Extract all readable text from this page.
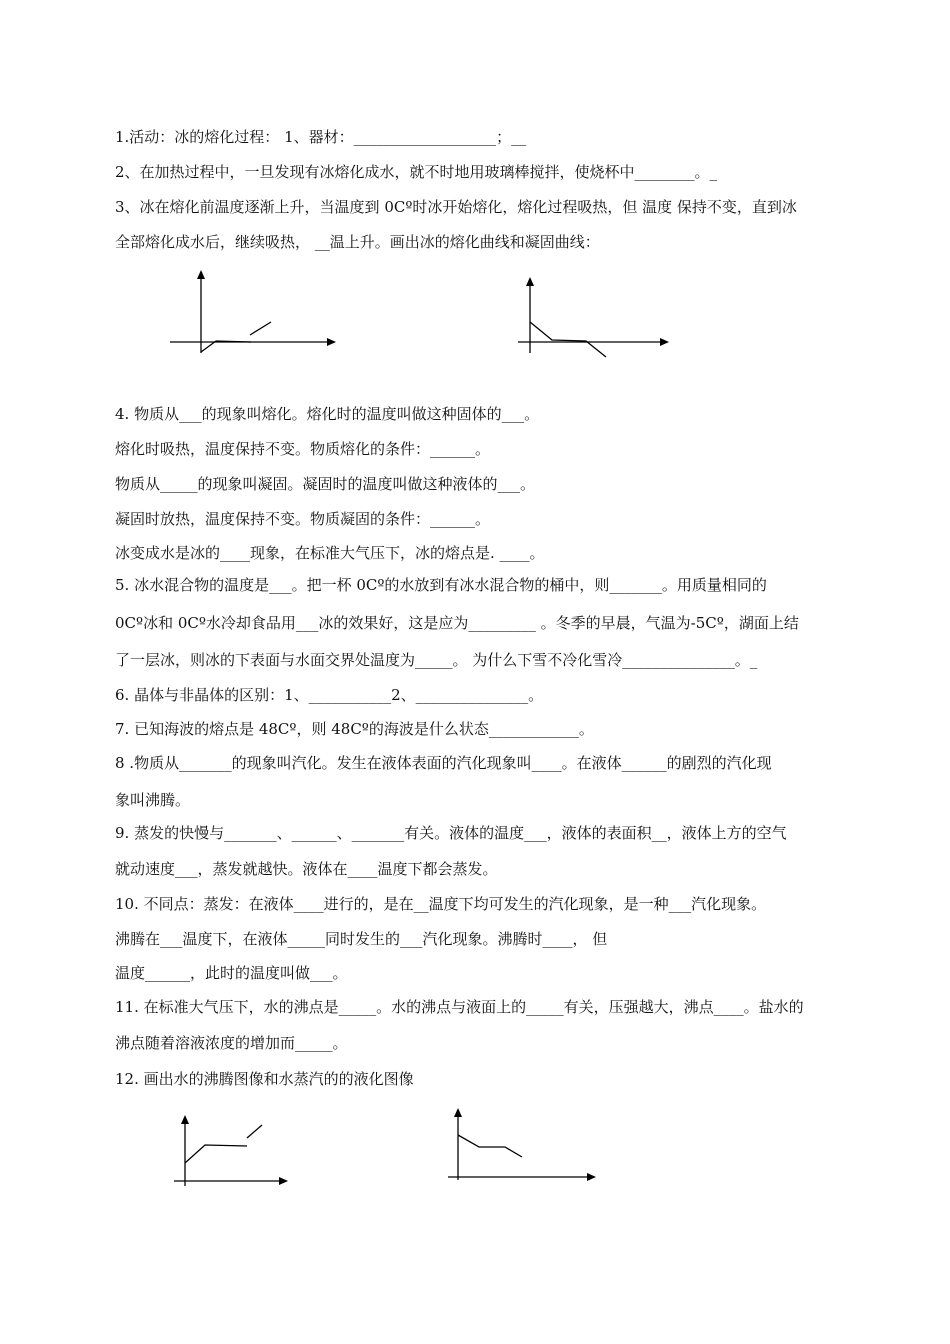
1.活动：冰的熔化过程： 1、器材：___________________；__
2、在加热过程中，一旦发现有冰熔化成水，就不时地用玻璃棒搅拌，使烧杯中________。_
3、冰在熔化前温度逐渐上升，当温度到 0Cº时冰开始熔化，熔化过程吸热，但 温度 保持不变，直到冰
全部熔化成水后，继续吸热， __温上升。画出冰的熔化曲线和凝固曲线：
4. 物质从___的现象叫熔化。熔化时的温度叫做这种固体的___。
熔化时吸热，温度保持不变。物质熔化的条件：______。
物质从_____的现象叫凝固。凝固时的温度叫做这种液体的___。
凝固时放热，温度保持不变。物质凝固的条件：______。
冰变成水是冰的____现象，在标准大气压下，冰的熔点是. ____。
5. 冰水混合物的温度是___。把一杯 0Cº的水放到有冰水混合物的桶中，则_______。用质量相同的
0Cº冰和 0Cº水冷却食品用___冰的效果好，这是应为_________ 。冬季的早晨，气温为-5Cº，湖面上结
了一层冰，则冰的下表面与水面交界处温度为_____。 为什么下雪不冷化雪冷_______________。_
6. 晶体与非晶体的区别：1、___________2、_______________。
7. 已知海波的熔点是 48Cº，则 48Cº的海波是什么状态____________。
8 .物质从_______的现象叫汽化。发生在液体表面的汽化现象叫____。在液体______的剧烈的汽化现
象叫沸腾。
9. 蒸发的快慢与_______、______、_______有关。液体的温度___，液体的表面积__，液体上方的空气
就动速度___，蒸发就越快。液体在____温度下都会蒸发。
10. 不同点：蒸发：在液体____进行的，是在__温度下均可发生的汽化现象，是一种___汽化现象。
沸腾在___温度下，在液体_____同时发生的___汽化现象。沸腾时____， 但
温度______，此时的温度叫做___。
11. 在标准大气压下，水的沸点是_____。水的沸点与液面上的_____有关，压强越大，沸点____。盐水的
沸点随着溶液浓度的增加而_____。
12. 画出水的沸腾图像和水蒸汽的的液化图像
